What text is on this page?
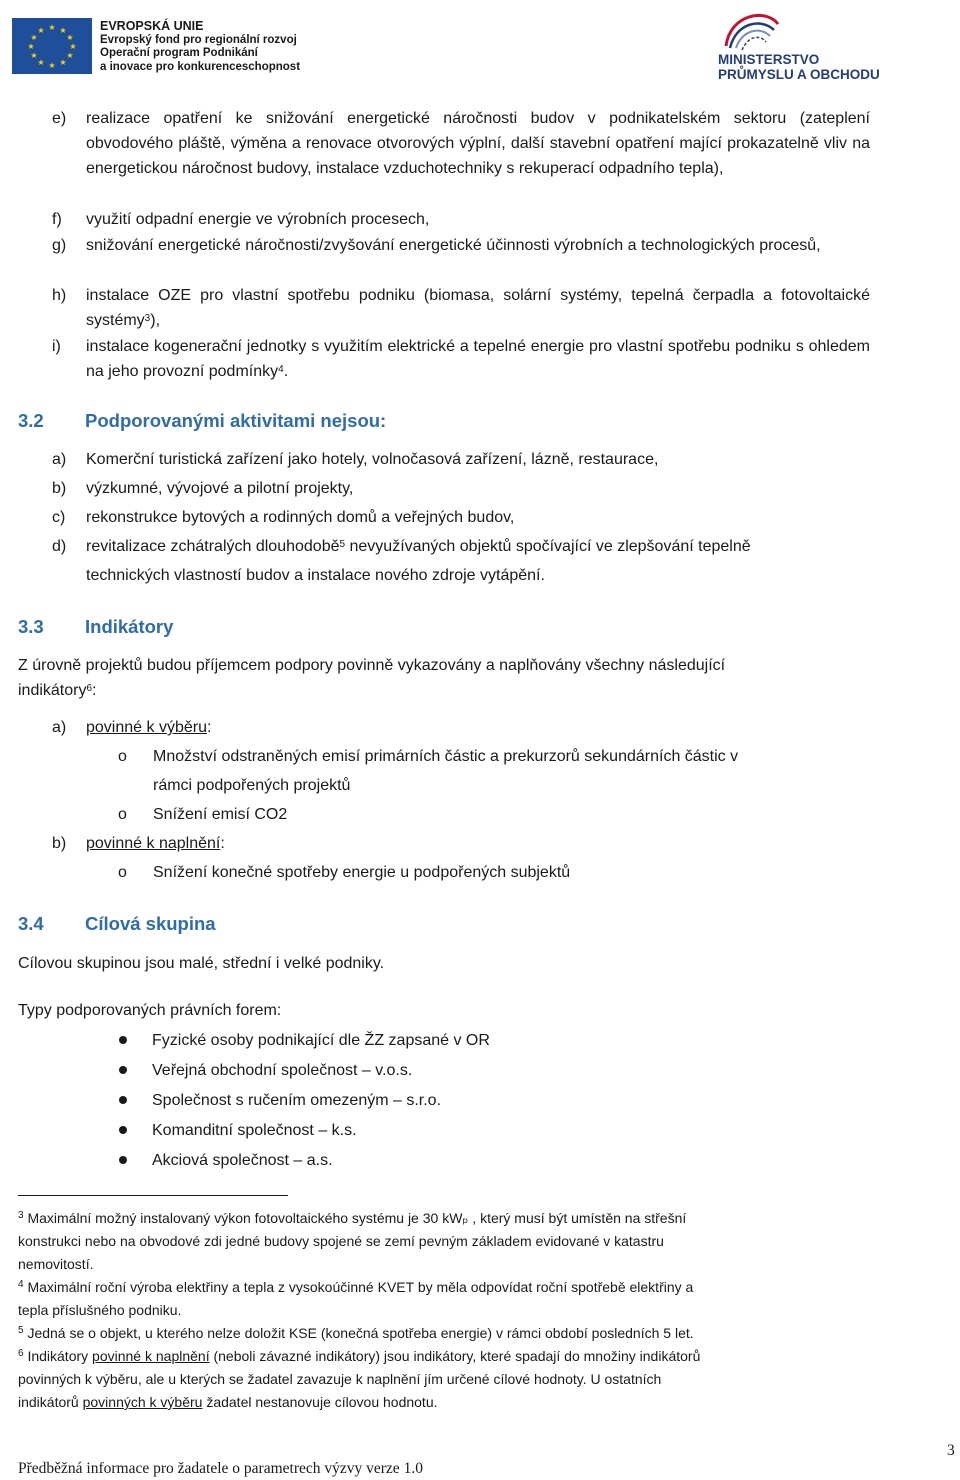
★ ★
★
★
★
★
★
★
★
★
★
★	EVROPSKÁ UNIE
Evropský fond pro regionální rozvoj
Operační program Podnikání
a inovace pro konkurenceschopnost	MINISTERSTVO
PRŮMYSLU A OBCHODU
e) realizace opatření ke snižování energetické náročnosti budov v podnikatelském sektoru (zateplení obvodového pláště, výměna a renovace otvorových výplní, další stavební opatření mající prokazatelně vliv na energetickou náročnost budovy, instalace vzduchotechniky s rekuperací odpadního tepla),
f) využití odpadní energie ve výrobních procesech,
g) snižování energetické náročnosti/zvyšování energetické účinnosti výrobních a technologických procesů,
h) instalace OZE pro vlastní spotřebu podniku (biomasa, solární systémy, tepelná čerpadla a fotovoltaické systémy$^3$),
i) instalace kogenerační jednotky s využitím elektrické a tepelné energie pro vlastní spotřebu podniku s ohledem na jeho provozní podmínky$^4$.
3.2 Podporovanými aktivitami nejsou:
a) Komerční turistická zařízení jako hotely, volnočasová zařízení, lázně, restaurace,
b) výzkumné, vývojové a pilotní projekty,
c) rekonstrukce bytových a rodinných domů a veřejných budov,
d) revitalizace zchátralých dlouhodobě$^5$ nevyužívaných objektů spočívající ve zlepšování tepelně
technických vlastností budov a instalace nového zdroje vytápění.
3.3 Indikátory
Z úrovně projektů budou příjemcem podpory povinně vykazovány a naplňovány všechny následující
indikátory$^6$:
a) povinné k výběru:
o Množství odstraněných emisí primárních částic a prekurzorů sekundárních částic v
rámci podpořených projektů
o Snížení emisí CO2
b) povinné k naplnění:
o Snížení konečné spotřeby energie u podpořených subjektů
3.4 Cílová skupina
Cílovou skupinou jsou malé, střední i velké podniky.
Typy podporovaných právních forem:
Fyzické osoby podnikající dle ŽZ zapsané v OR
Veřejná obchodní společnost – v.o.s.
Společnost s ručením omezeným – s.r.o.
Komanditní společnost – k.s.
Akciová společnost – a.s.
$^3$ Maximální možný instalovaný výkon fotovoltaického systému je 30 kWₚ , který musí být umístěn na střešní
konstrukci nebo na obvodové zdi jedné budovy spojené se zemí pevným základem evidované v katastru
nemovitostí.
$^4$ Maximální roční výroba elektřiny a tepla z vysokoúčinné KVET by měla odpovídat roční spotřebě elektřiny a
tepla příslušného podniku.
$^5$ Jedná se o objekt, u kterého nelze doložit KSE (konečná spotřeba energie) v rámci období posledních 5 let.
$^6$ Indikátory povinné k naplnění (neboli závazné indikátory) jsou indikátory, které spadají do množiny indikátorů
povinných k výběru, ale u kterých se žadatel zavazuje k naplnění jím určené cílové hodnoty. U ostatních
indikátorů povinných k výběru žadatel nestanovuje cílovou hodnotu.
Předběžná informace pro žadatele o parametrech výzvy verze 1.0
3
